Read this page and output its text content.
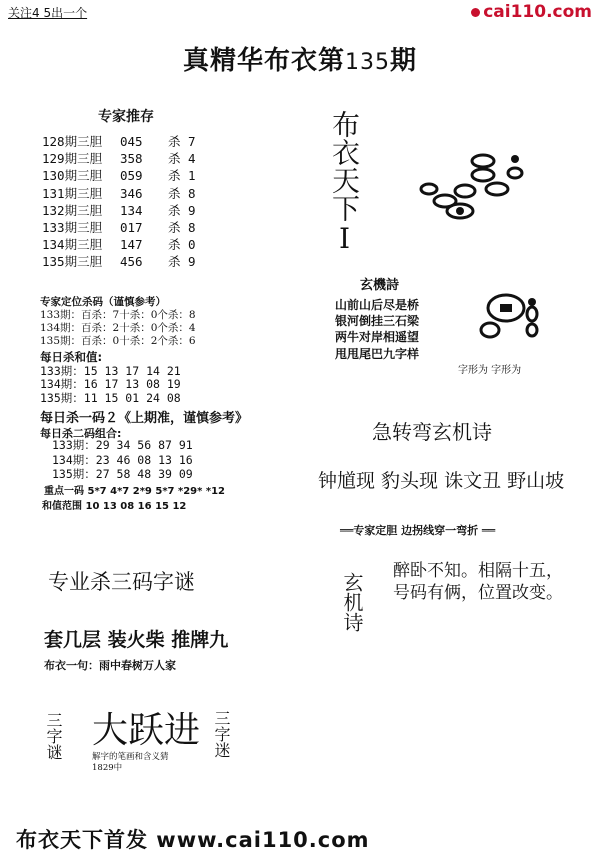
关注4 5出一个	cai110.com
真精华布衣第135期
专家推存
128期三胆 045 杀 7
129期三胆 358 杀 4
130期三胆 059 杀 1
131期三胆 346 杀 8
132期三胆 134 杀 9
133期三胆 017 杀 8
134期三胆 147 杀 0
135期三胆 456 杀 9
专家定位杀码（谨慎参考）
133期：百杀：7十杀：0个杀：8
134期：百杀：2十杀：0个杀：4
135期：百杀：0十杀：2个杀：6
每日杀和值:
133期：15 13 17 14 21
134期：16 17 13 08 19
135期：11 15 01 24 08
每日杀一码２《上期准，谨慎参考》
每日杀二码组合:
133期：29 34 56 87 91
134期：23 46 08 13 16
135期：27 58 48 39 09
重点一码 5*7 4*7 2*9 5*7 *29* *12
和值范围 10 13 08 16 15 12
专业杀三码字谜
套几层 装火柴 推牌九
布衣一句：雨中春树万人家
三字谜	三字迷
大跃进
解字的笔画和含义猜
1829中
布衣天下首发 www.cai110.com
布衣天下Ⅰ
玄機詩
山前山后尽是桥
银河倒挂三石梁
两牛对岸相遥望
甩甩尾巴九字样
字形为 字形为
急转弯玄机诗
钟馗现 豹头现 诛文丑 野山坡
══专家定胆 边拐线穿一弯折 ══
玄机诗
醉卧不知。相隔十五，
号码有俩，位置改变。
